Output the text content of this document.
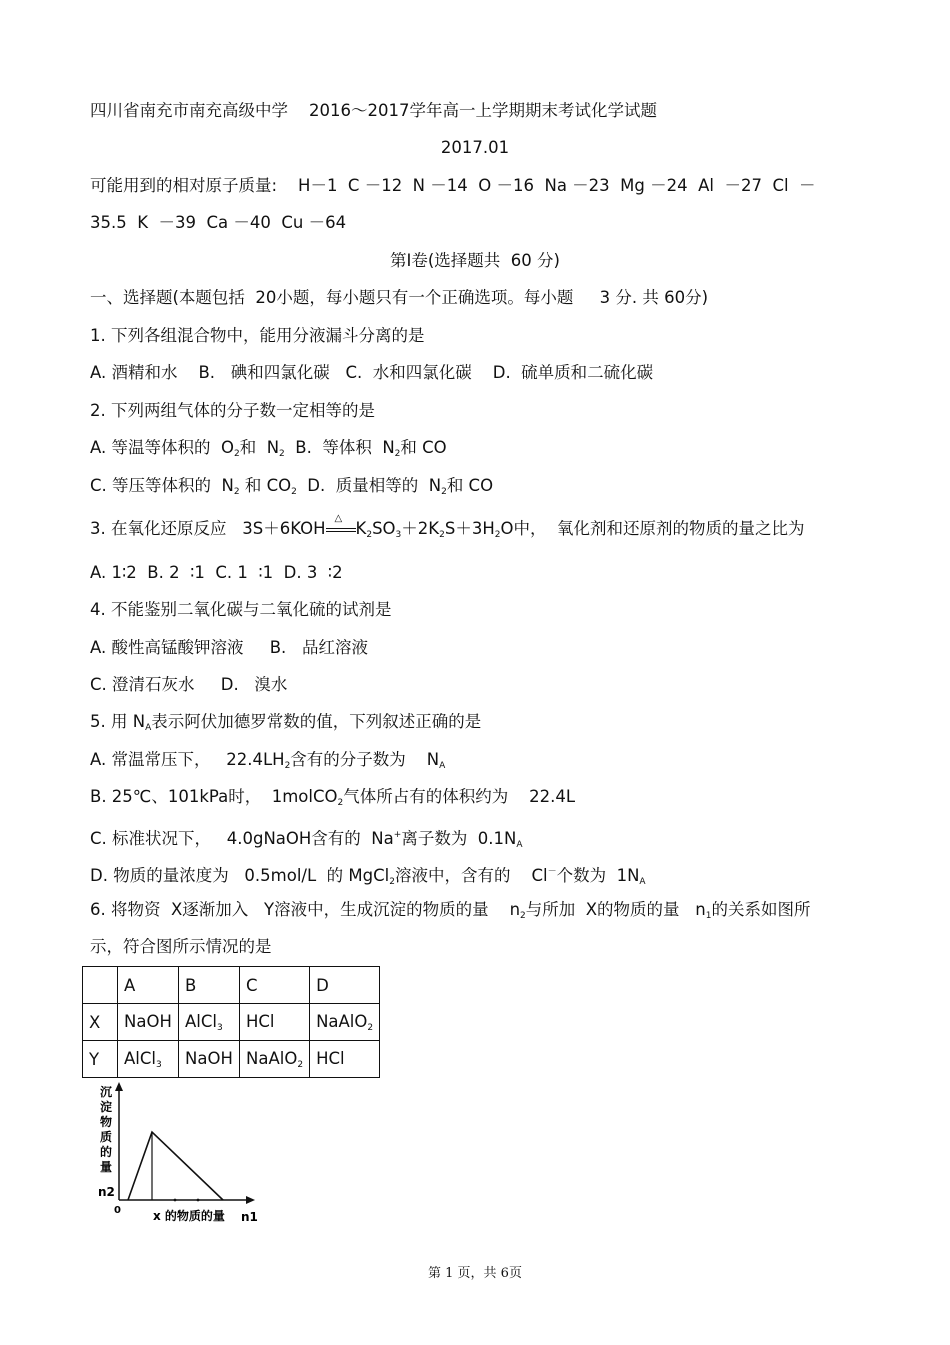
四川省南充市南充高级中学    2016～2017学年高一上学期期末考试化学试题
2017.01
可能用到的相对原子质量:    H－1  C －12  N －14  O －16  Na －23  Mg －24  Al  －27  Cl  －
35.5  K  －39  Ca －40  Cu －64
第Ⅰ卷(选择题共  60 分)
一、选择题(本题包括  20小题，每小题只有一个正确选项。每小题     3 分. 共 60分)
1. 下列各组混合物中，能用分液漏斗分离的是
A. 酒精和水    B.   碘和四氯化碳   C.  水和四氯化碳    D.  硫单质和二硫化碳
2. 下列两组气体的分子数一定相等的是
A. 等温等体积的  $O_2$和  $N_2$  B.  等体积  $N_2$和 CO
C. 等压等体积的  $N_2$ 和 $CO_2$  D.  质量相等的  $N_2$和 CO
3. 在氧化还原反应   3S＋6KOH
△
$K_2SO_3+2K_2S+3H_2O$中，  氧化剂和还原剂的物质的量之比为
A. 1∶2  B. 2  ∶1  C. 1  ∶1  D. 3  ∶2
4. 不能鉴别二氧化碳与二氧化硫的试剂是
A. 酸性高锰酸钾溶液     B.   品红溶液
C. 澄清石灰水     D.   溴水
5. 用 $N_A$表示阿伏加德罗常数的值，下列叙述正确的是
A. 常温常压下，   $22.4LH_2$含有的分子数为    $N_A$
B. 25℃、101kPa时，  1molCO$_2$气体所占有的体积约为    22.4L
C. 标准状况下，   4.0gNaOH含有的  Na+离子数为  $0.1N_A$
D. 物质的量浓度为   0.5mol/L  的 MgCl$_2$溶液中，含有的    Cl－个数为  $1N_A$
6. 将物资  X逐渐加入   Y溶液中，生成沉淀的物质的量    $n_2$与所加  X的物质的量   $n_1$的关系如图所
示，符合图所示情况的是
	A	B	C	D
X	NaOH	AlCl$_3$	HCl	NaAlO$_2$
Y	AlCl$_3$	NaOH	NaAlO$_2$	HCl
沉
淀
物
质
的
量
n2
0	x 的物质的量 n1
第 1 页，共 6页
